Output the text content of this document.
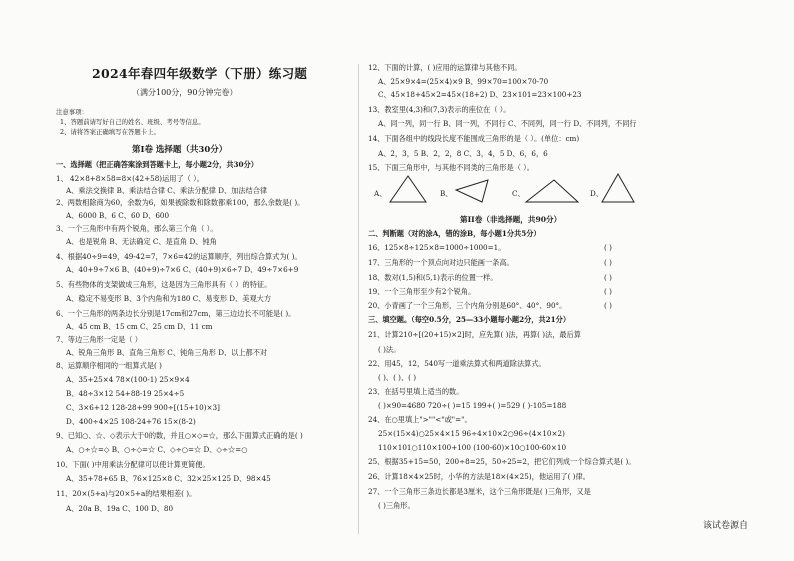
2024年春四年级数学（下册）练习题
（满分100分，90分钟完卷）
注意事项：
1、答题前请写好自己的姓名、班级、考号等信息。
2、请将答案正确填写在答题卡上。
第Ⅰ卷 选择题（共30分）
一、选择题（把正确答案涂到答题卡上，每小题2分，共30分）
1、 42×8+8×58=8×(42+58)运用了（ ）。
A、乘法交换律 B、乘法结合律 C、乘法分配律 D、加法结合律
2、两数相除商为60，余数为6，如果被除数和除数都乘100，那么余数是( )。
A、6000 B、6 C、60 D、600
3、一个三角形中有两个锐角，那么第三个角（ ）。
A、也是锐角 B、无法确定 C、是直角 D、钝角
4、根据40÷9=49，49-42=7，7×6=42的运算顺序，列出综合算式为( )。
A、40+9÷7×6 B、(40+9)÷7×6 C、(40+9)×6÷7 D、49÷7×6+9
5、有些物体的支架做成三角形，这是因为三角形具有（ ）的特征。
A、稳定不易变形 B、3个内角和为180 C、易变形 D、美观大方
6、一个三角形的两条边长分别是17cm和27cm，第三边边长不可能是( )。
A、45 cm B、15 cm C、25 cm D、11 cm
7、等边三角形一定是（ ）
A、锐角三角形 B、直角三角形 C、钝角三角形 D、以上都不对
8、运算顺序相同的一组算式是( )
A、35+25×4 78×(100-1) 25×9×4
B、48÷3×12 54+88-19 25×4÷5
C、3×6+12 128-28+99 900÷[(15+10)×3]
D、400÷4×25 108-24+76 15×(8-2)
9、已知○、☆、◇表示大于0的数，并且○×◇=☆，那么下面算式正确的是( )
A、○÷☆=◇ B、○÷◇=☆ C、◇÷○=☆ D、◇÷☆=○
10、下面( )中用乘法分配律可以使计算更简便。
A、35+78+65 B、76×125×8 C、32×25×125 D、98×45
11、20×(5+a)与20×5+a的结果相差( )。
A、20a B、19a C、100 D、80
12、下面的计算，( )应用的运算律与其他不同。
A、25×9×4=(25×4)×9 B、99×70=100×70-70
C、45×18+45×2=45×(18+2) D、23×101=23×100+23
13、教室里(4,3)和(7,3)表示的座位在（ ）。
A、同一列，同一行 B、同一列，不同行 C、不同列，同一行 D、不同列，不同行
14、下面各组中的线段长度不能围成三角形的是（ ）。(单位：cm)
A、2，3，5 B、2，2，8 C、3，4，5 D、6，6，6
15、下面三角形中，与其他不同类的三角形是（ ）。
A、	B、	C、	D、
第II卷（非选择题，共90分）
二、判断题（对的涂A，错的涂B，每小题1分共5分）
16、125×8÷125×8=1000÷1000=1。	( )
17、三角形的一个顶点向对边只能画一条高。	( )
18、数对(1,5)和(5,1)表示的位置一样。	( )
19、一个三角形至少有2个锐角。	( )
20、小青画了一个三角形，三个内角分别是60°、40°、90°。	( )
三、填空题。（每空0.5分，25—33小题每小题2分，共21分）
21、计算210÷[(20+15)×2]时，应先算( )法，再算( )法，最后算
( )法。
22、用45，12，540写一道乘法算式和两道除法算式。
( )、( )、( )
23、在括号里填上适当的数。
( )×90=4680 720÷( )=15 199+( )=529 ( )-105=188
24、在○里填上">""<"或"="。
25×(15×4)○25×4×15 96÷4×10×2○96÷(4×10×2)
110×101○110×100+100 (100-60)×10○100-60×10
25、根据35+15=50，200÷8=25，50÷25=2，把它们列成一个综合算式是( )。
26、计算18×4×25时，小华的方法是18×(4×25)，他运用了( )律。
27、一个三角形三条边长都是3厘米，这个三角形既是( )三角形，又是
( )三角形。
该试卷源自
